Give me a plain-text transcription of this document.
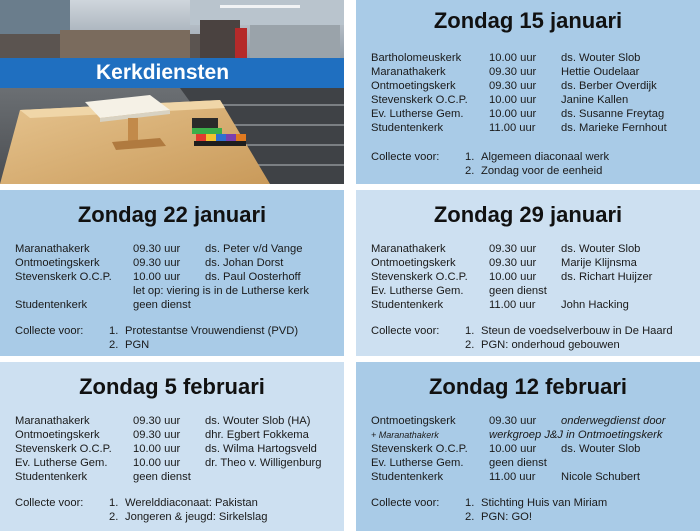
Kerkdiensten
Zondag 15 januari
Bartholomeuskerk 10.00 uur ds. Wouter Slob
Maranathakerk	09.30 uur Hettie Oudelaar
Ontmoetingskerk	09.30 uur ds. Berber Overdijk
Stevenskerk O.C.P. 10.00 uur Janine Kallen
Ev. Lutherse Gem. 10.00 uur ds. Susanne Freytag
Studentenkerk	11.00 uur ds. Marieke Fernhout
Collecte voor: 1. Algemeen diaconaal werk
2. Zondag voor de eenheid
Zondag 22 januari
Maranathakerk	09.30 uur ds. Peter v/d Vange
Ontmoetingskerk	09.30 uur ds. Johan Dorst
Stevenskerk O.C.P. 10.00 uur ds. Paul Oosterhoff
let op: viering is in de Lutherse kerk
Studentenkerk	geen dienst
Collecte voor: 1. Protestantse Vrouwendienst (PVD)
2. PGN
Zondag 29 januari
Maranathakerk	09.30 uur ds. Wouter Slob
Ontmoetingskerk	09.30 uur Marije Klijnsma
Stevenskerk O.C.P. 10.00 uur ds. Richart Huijzer
Ev. Lutherse Gem. geen dienst
Studentenkerk	11.00 uur John Hacking
Collecte voor: 1. Steun de voedselverbouw in De Haard
2. PGN: onderhoud gebouwen
Zondag 5 februari
Maranathakerk	09.30 uur ds. Wouter Slob (HA)
Ontmoetingskerk	09.30 uur dhr. Egbert Fokkema
Stevenskerk O.C.P. 10.00 uur ds. Wilma Hartogsveld
Ev. Lutherse Gem. 10.00 uur dr. Theo v. Willigenburg
Studentenkerk	geen dienst
Collecte voor: 1. Werelddiaconaat: Pakistan
2. Jongeren & jeugd: Sirkelslag
Zondag 12 februari
Ontmoetingskerk	09.30 uur onderwegdienst door
+ Maranathakerk	werkgroep J&J in Ontmoetingskerk
Stevenskerk O.C.P. 10.00 uur ds. Wouter Slob
Ev. Lutherse Gem. geen dienst
Studentenkerk	11.00 uur Nicole Schubert
Collecte voor: 1. Stichting Huis van Miriam
2. PGN: GO!
